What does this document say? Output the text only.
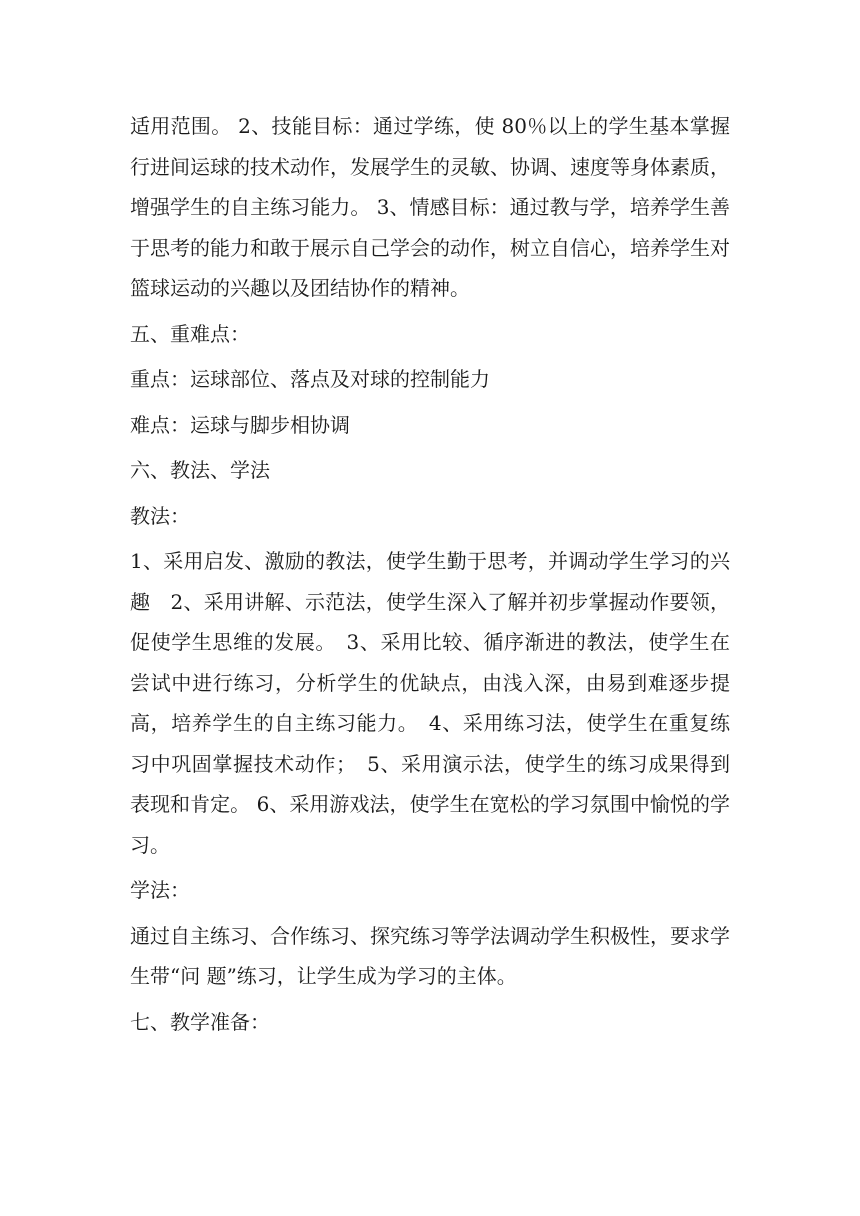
适用范围。 2、技能目标：通过学练，使 80％以上的学生基本掌握行进间运球的技术动作，发展学生的灵敏、协调、速度等身体素质，增强学生的自主练习能力。 3、情感目标：通过教与学，培养学生善于思考的能力和敢于展示自己学会的动作，树立自信心，培养学生对篮球运动的兴趣以及团结协作的精神。

五、重难点：

重点：运球部位、落点及对球的控制能力

难点：运球与脚步相协调

六、教法、学法

教法：

1、采用启发、激励的教法，使学生勤于思考，并调动学生学习的兴趣　2、采用讲解、示范法，使学生深入了解并初步掌握动作要领，促使学生思维的发展。　3、采用比较、循序渐进的教法，使学生在尝试中进行练习，分析学生的优缺点，由浅入深，由易到难逐步提高，培养学生的自主练习能力。　4、采用练习法，使学生在重复练习中巩固掌握技术动作；　5、采用演示法，使学生的练习成果得到表现和肯定。 6、采用游戏法，使学生在宽松的学习氛围中愉悦的学习。

学法：

通过自主练习、合作练习、探究练习等学法调动学生积极性，要求学生带“问 题”练习，让学生成为学习的主体。

七、教学准备：
